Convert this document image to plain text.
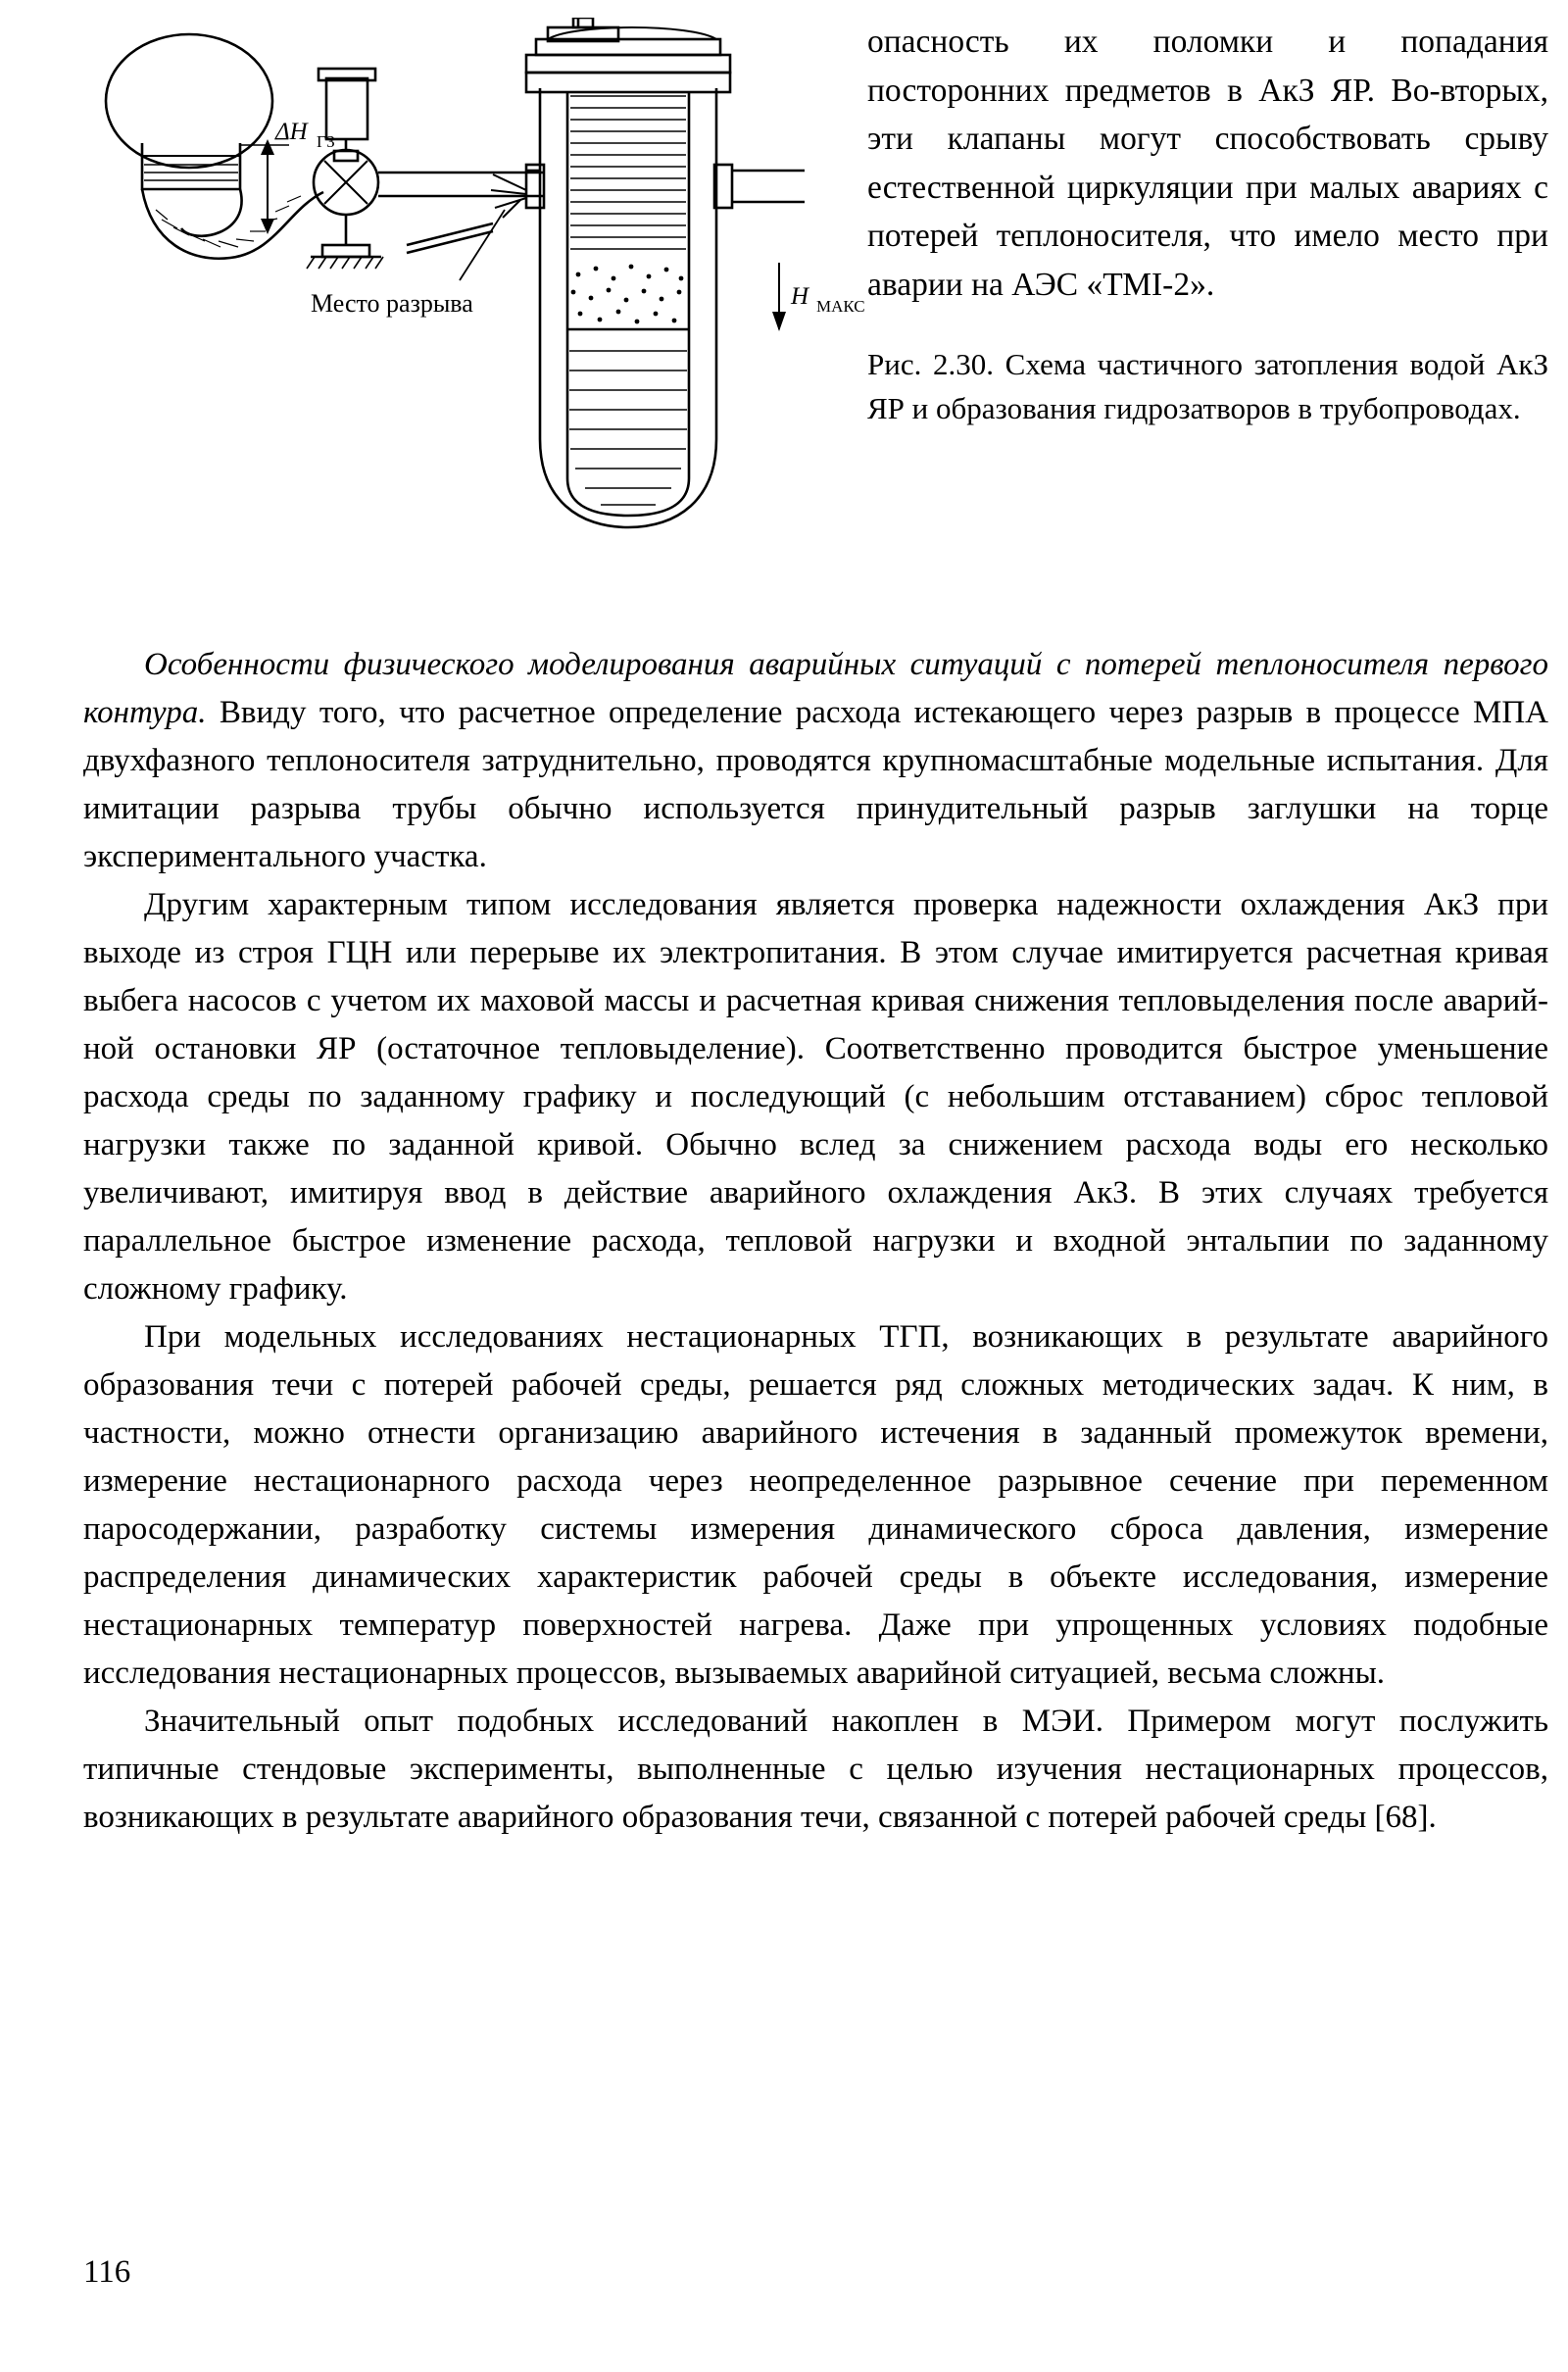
ΔH ГЗ
H МАКС
Место разрыва

опасность их поломки и попадания посторонних предметов в АкЗ ЯР. Во-вторых, эти клапаны могут способствовать срыву естественной циркуляции при малых авариях с потерей теплоносителя, что имело место при аварии на АЭС «ТМI-2».

Рис. 2.30. Схема частичного затопления водой АкЗ ЯР и образования гидрозатворов в трубопроводах.

Особенности физического моделирования аварийных ситуаций с потерей теплоносителя первого контура. Ввиду того, что расчетное определение расхода истекающего через разрыв в процессе МПА двухфазного теплоносителя затруднительно, проводятся крупномасштабные модельные испытания. Для имитации разрыва трубы обычно используется принудительный разрыв заглушки на торце экспериментального участка.

Другим характерным типом исследования является проверка надежности охлаждения АкЗ при выходе из строя ГЦН или перерыве их электропитания. В этом случае имитируется расчетная кривая выбега насосов с учетом их маховой массы и расчетная кривая снижения тепловыделения после аварийной остановки ЯР (остаточное тепловыделение). Соответственно проводится быстрое уменьшение расхода среды по заданному графику и последующий (с небольшим отставанием) сброс тепловой нагрузки также по заданной кривой. Обычно вслед за снижением расхода воды его несколько увеличивают, имитируя ввод в действие аварийного охлаждения АкЗ. В этих случаях требуется параллельное быстрое изменение расхода, тепловой нагрузки и входной энтальпии по заданному сложному графику.

При модельных исследованиях нестационарных ТГП, возникающих в результате аварийного образования течи с потерей рабочей среды, решается ряд сложных методических задач. К ним, в частности, можно отнести организацию аварийного истечения в заданный промежуток времени, измерение нестационарного расхода через неопределенное разрывное сечение при переменном паросодержании, разработку системы измерения динамического сброса давления, измерение распределения динамических характеристик рабочей среды в объекте исследования, измерение нестационарных температур поверхностей нагрева. Даже при упрощенных условиях подобные исследования нестационарных процессов, вызываемых аварийной ситуацией, весьма сложны.

Значительный опыт подобных исследований накоплен в МЭИ. Примером могут послужить типичные стендовые эксперименты, выполненные с целью изучения нестационарных процессов, возникающих в результате аварийного образования течи, связанной с потерей рабочей среды [68].

116
